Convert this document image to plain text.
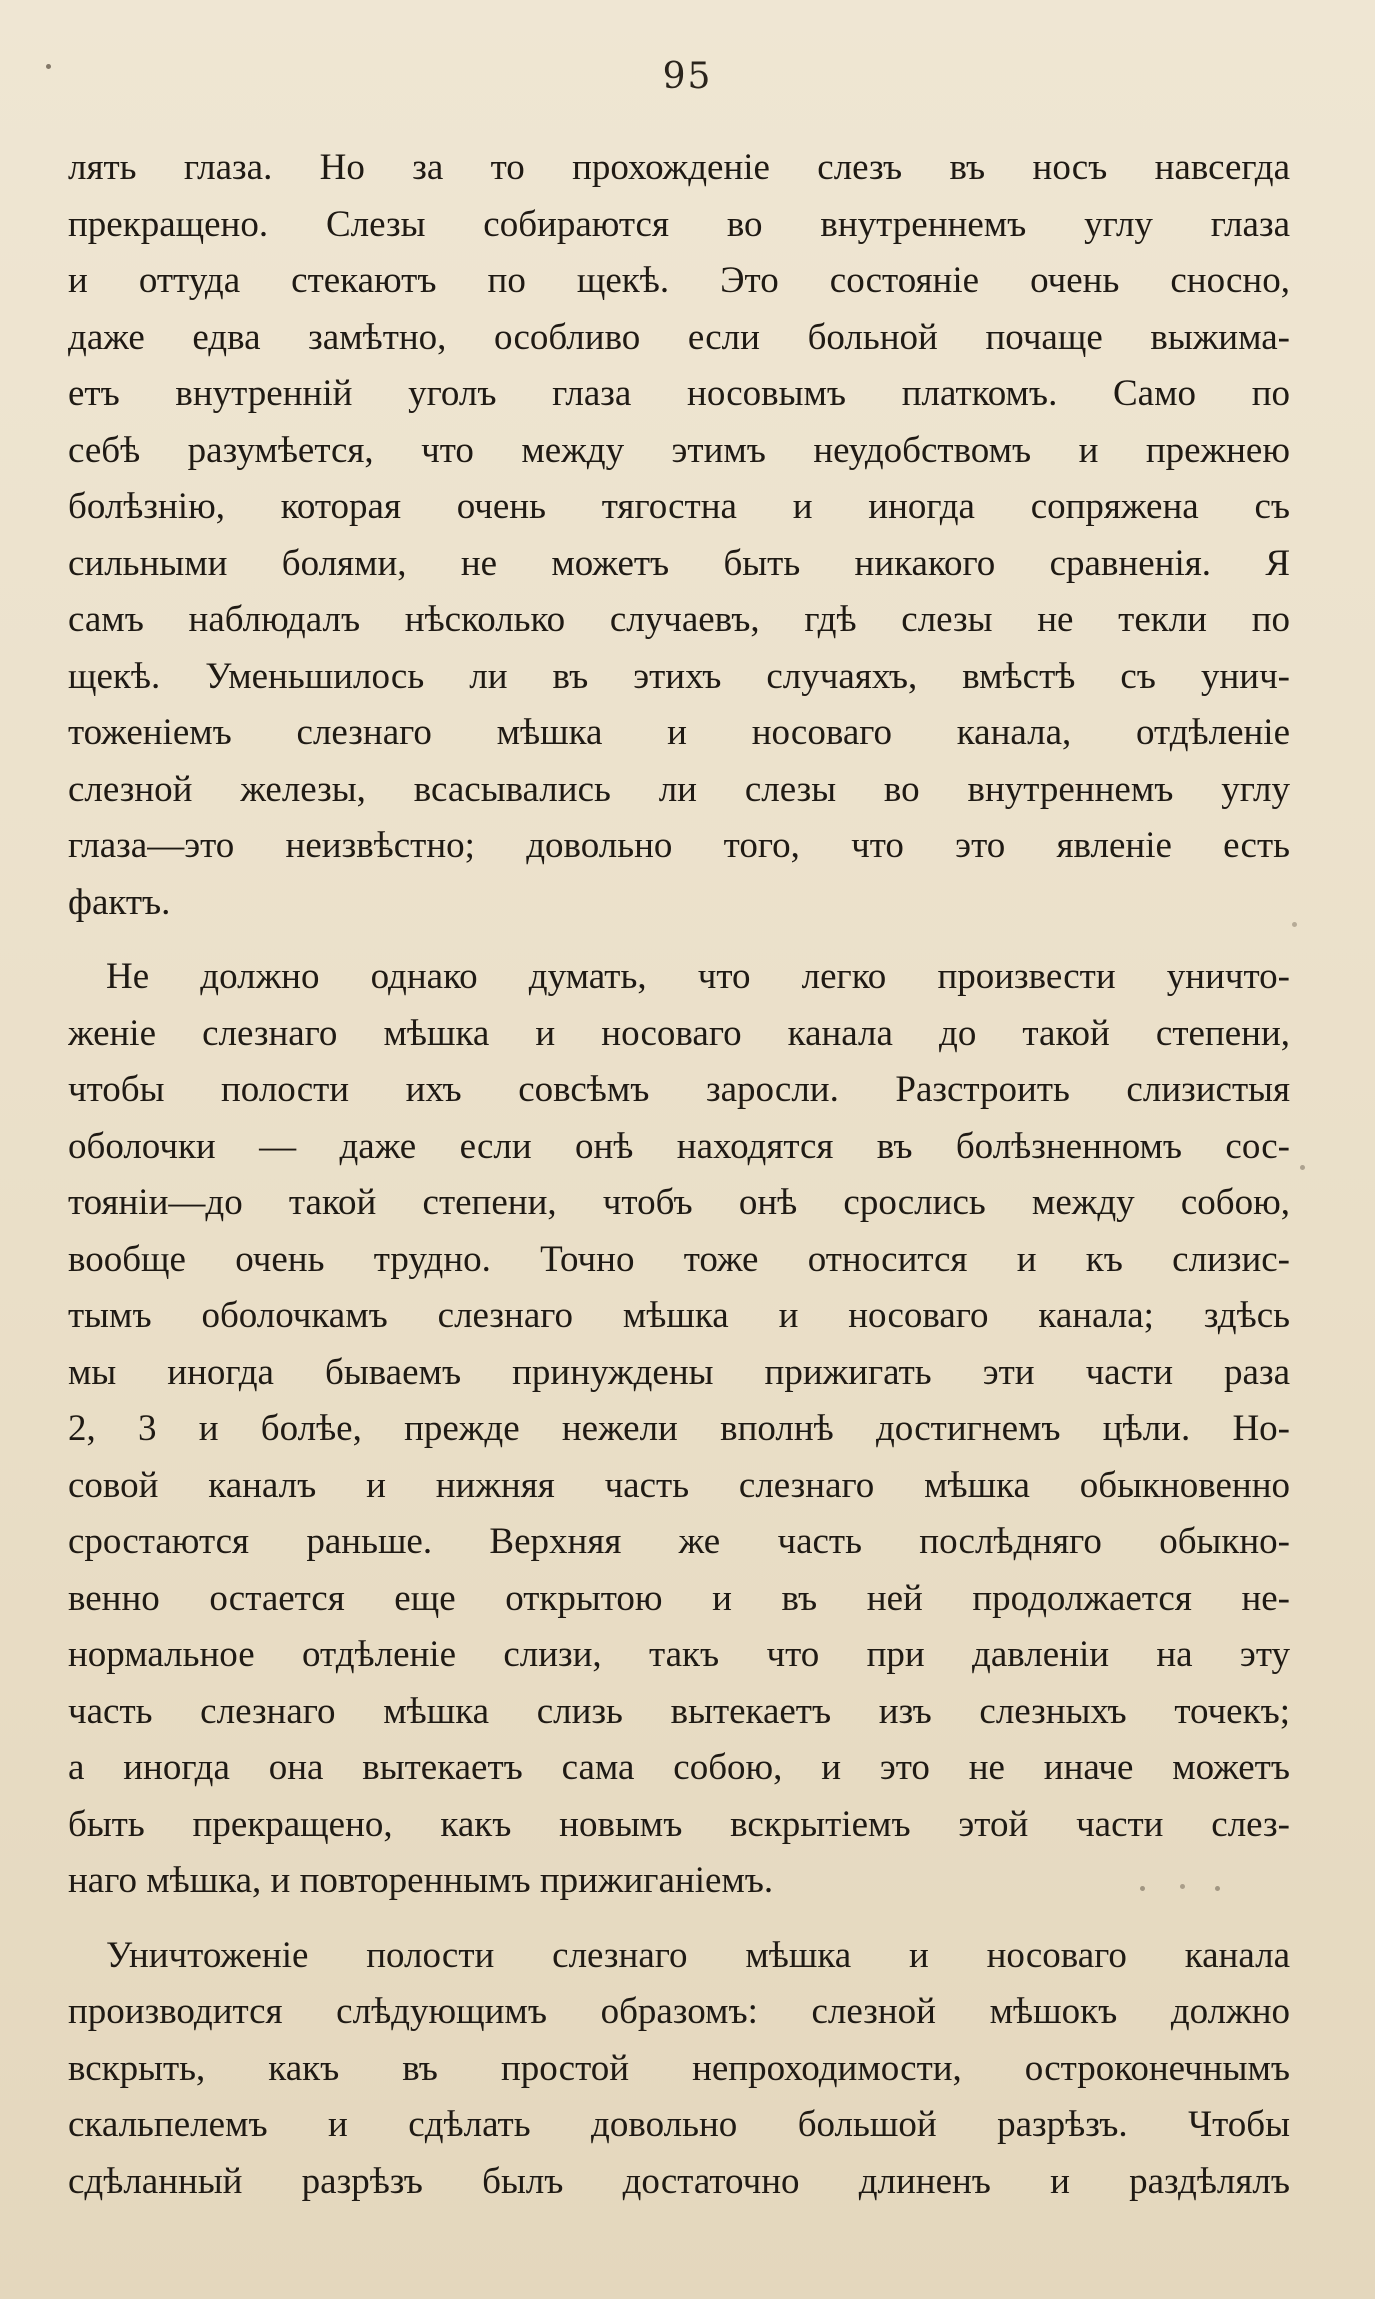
95
лять глаза. Но за то прохожденіе слезъ въ носъ навсегда
прекращено. Слезы собираются во внутреннемъ углу глаза
и оттуда стекаютъ по щекѣ. Это состояніе очень сносно,
даже едва замѣтно, особливо если больной почаще выжима-
етъ внутренній уголъ глаза носовымъ платкомъ. Само по
себѣ разумѣется, что между этимъ неудобствомъ и прежнею
болѣзнію, которая очень тягостна и иногда сопряжена съ
сильными болями, не можетъ быть никакого сравненія. Я
самъ наблюдалъ нѣсколько случаевъ, гдѣ слезы не текли по
щекѣ. Уменьшилось ли въ этихъ случаяхъ, вмѣстѣ съ унич-
тоженіемъ слезнаго мѣшка и носоваго канала, отдѣленіе
слезной железы, всасывались ли слезы во внутреннемъ углу
глаза—это неизвѣстно; довольно того, что это явленіе есть
фактъ.
Не должно однако думать, что легко произвести уничто-
женіе слезнаго мѣшка и носоваго канала до такой степени,
чтобы полости ихъ совсѣмъ заросли. Разстроить слизистыя
оболочки — даже если онѣ находятся въ болѣзненномъ сос-
тояніи—до такой степени, чтобъ онѣ срослись между собою,
вообще очень трудно. Точно тоже относится и къ слизис-
тымъ оболочкамъ слезнаго мѣшка и носоваго канала; здѣсь
мы иногда бываемъ принуждены прижигать эти части раза
2, 3 и болѣе, прежде нежели вполнѣ достигнемъ цѣли. Но-
совой каналъ и нижняя часть слезнаго мѣшка обыкновенно
сростаются раньше. Верхняя же часть послѣдняго обыкно-
венно остается еще открытою и въ ней продолжается не-
нормальное отдѣленіе слизи, такъ что при давленіи на эту
часть слезнаго мѣшка слизь вытекаетъ изъ слезныхъ точекъ;
а иногда она вытекаетъ сама собою, и это не иначе можетъ
быть прекращено, какъ новымъ вскрытіемъ этой части слез-
наго мѣшка, и повтореннымъ прижиганіемъ.
Уничтоженіе полости слезнаго мѣшка и носоваго канала
производится слѣдующимъ образомъ: слезной мѣшокъ должно
вскрыть, какъ въ простой непроходимости, остроконечнымъ
скальпелемъ и сдѣлать довольно большой разрѣзъ. Чтобы
сдѣланный разрѣзъ былъ достаточно длиненъ и раздѣлялъ
